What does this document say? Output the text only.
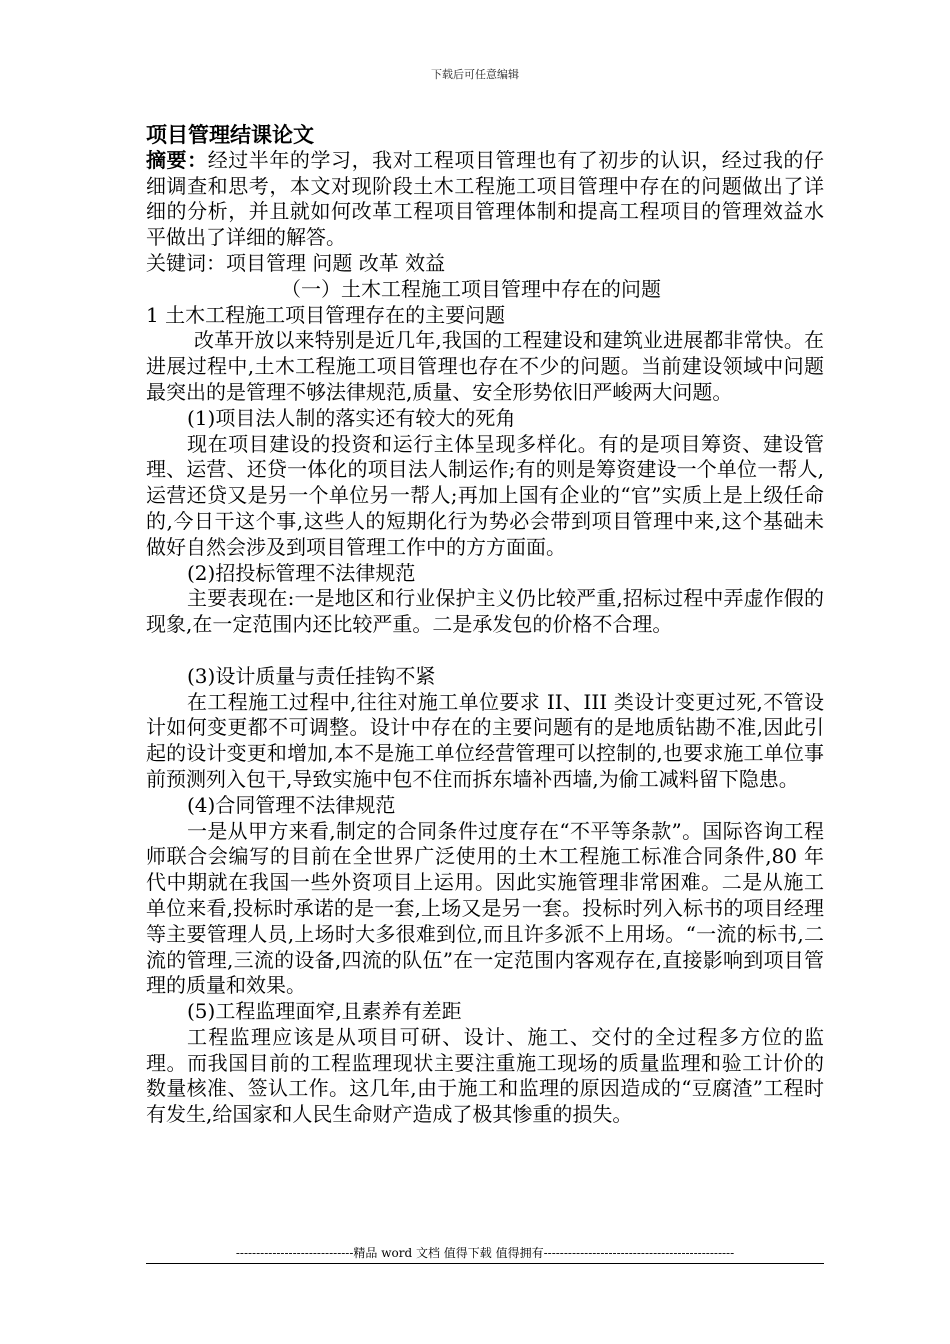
下载后可任意编辑

项目管理结课论文

摘要：经过半年的学习，我对工程项目管理也有了初步的认识，经过我的仔细调查和思考，本文对现阶段土木工程施工项目管理中存在的问题做出了详细的分析，并且就如何改革工程项目管理体制和提高工程项目的管理效益水平做出了详细的解答。

关键词：项目管理 问题 改革 效益

（一）土木工程施工项目管理中存在的问题

1 土木工程施工项目管理存在的主要问题

改革开放以来特别是近几年,我国的工程建设和建筑业进展都非常快。在进展过程中,土木工程施工项目管理也存在不少的问题。当前建设领域中问题最突出的是管理不够法律规范,质量、安全形势依旧严峻两大问题。

(1)项目法人制的落实还有较大的死角

现在项目建设的投资和运行主体呈现多样化。有的是项目筹资、建设管理、运营、还贷一体化的项目法人制运作;有的则是筹资建设一个单位一帮人,运营还贷又是另一个单位另一帮人;再加上国有企业的“官”实质上是上级任命的,今日干这个事,这些人的短期化行为势必会带到项目管理中来,这个基础未做好自然会涉及到项目管理工作中的方方面面。

(2)招投标管理不法律规范

主要表现在:一是地区和行业保护主义仍比较严重,招标过程中弄虚作假的现象,在一定范围内还比较严重。二是承发包的价格不合理。

(3)设计质量与责任挂钩不紧

在工程施工过程中,往往对施工单位要求 II、III 类设计变更过死,不管设计如何变更都不可调整。设计中存在的主要问题有的是地质钻勘不准,因此引起的设计变更和增加,本不是施工单位经营管理可以控制的,也要求施工单位事前预测列入包干,导致实施中包不住而拆东墙补西墙,为偷工减料留下隐患。

(4)合同管理不法律规范

一是从甲方来看,制定的合同条件过度存在“不平等条款”。国际咨询工程师联合会编写的目前在全世界广泛使用的土木工程施工标准合同条件,80 年代中期就在我国一些外资项目上运用。因此实施管理非常困难。二是从施工单位来看,投标时承诺的是一套,上场又是另一套。投标时列入标书的项目经理等主要管理人员,上场时大多很难到位,而且许多派不上用场。“一流的标书,二流的管理,三流的设备,四流的队伍”在一定范围内客观存在,直接影响到项目管理的质量和效果。

(5)工程监理面窄,且素养有差距

工程监理应该是从项目可研、设计、施工、交付的全过程多方位的监理。而我国目前的工程监理现状主要注重施工现场的质量监理和验工计价的数量核准、签认工作。这几年,由于施工和监理的原因造成的“豆腐渣”工程时有发生,给国家和人民生命财产造成了极其惨重的损失。

-----------------------------精品 word 文档 值得下载 值得拥有-----------------------------------------------
